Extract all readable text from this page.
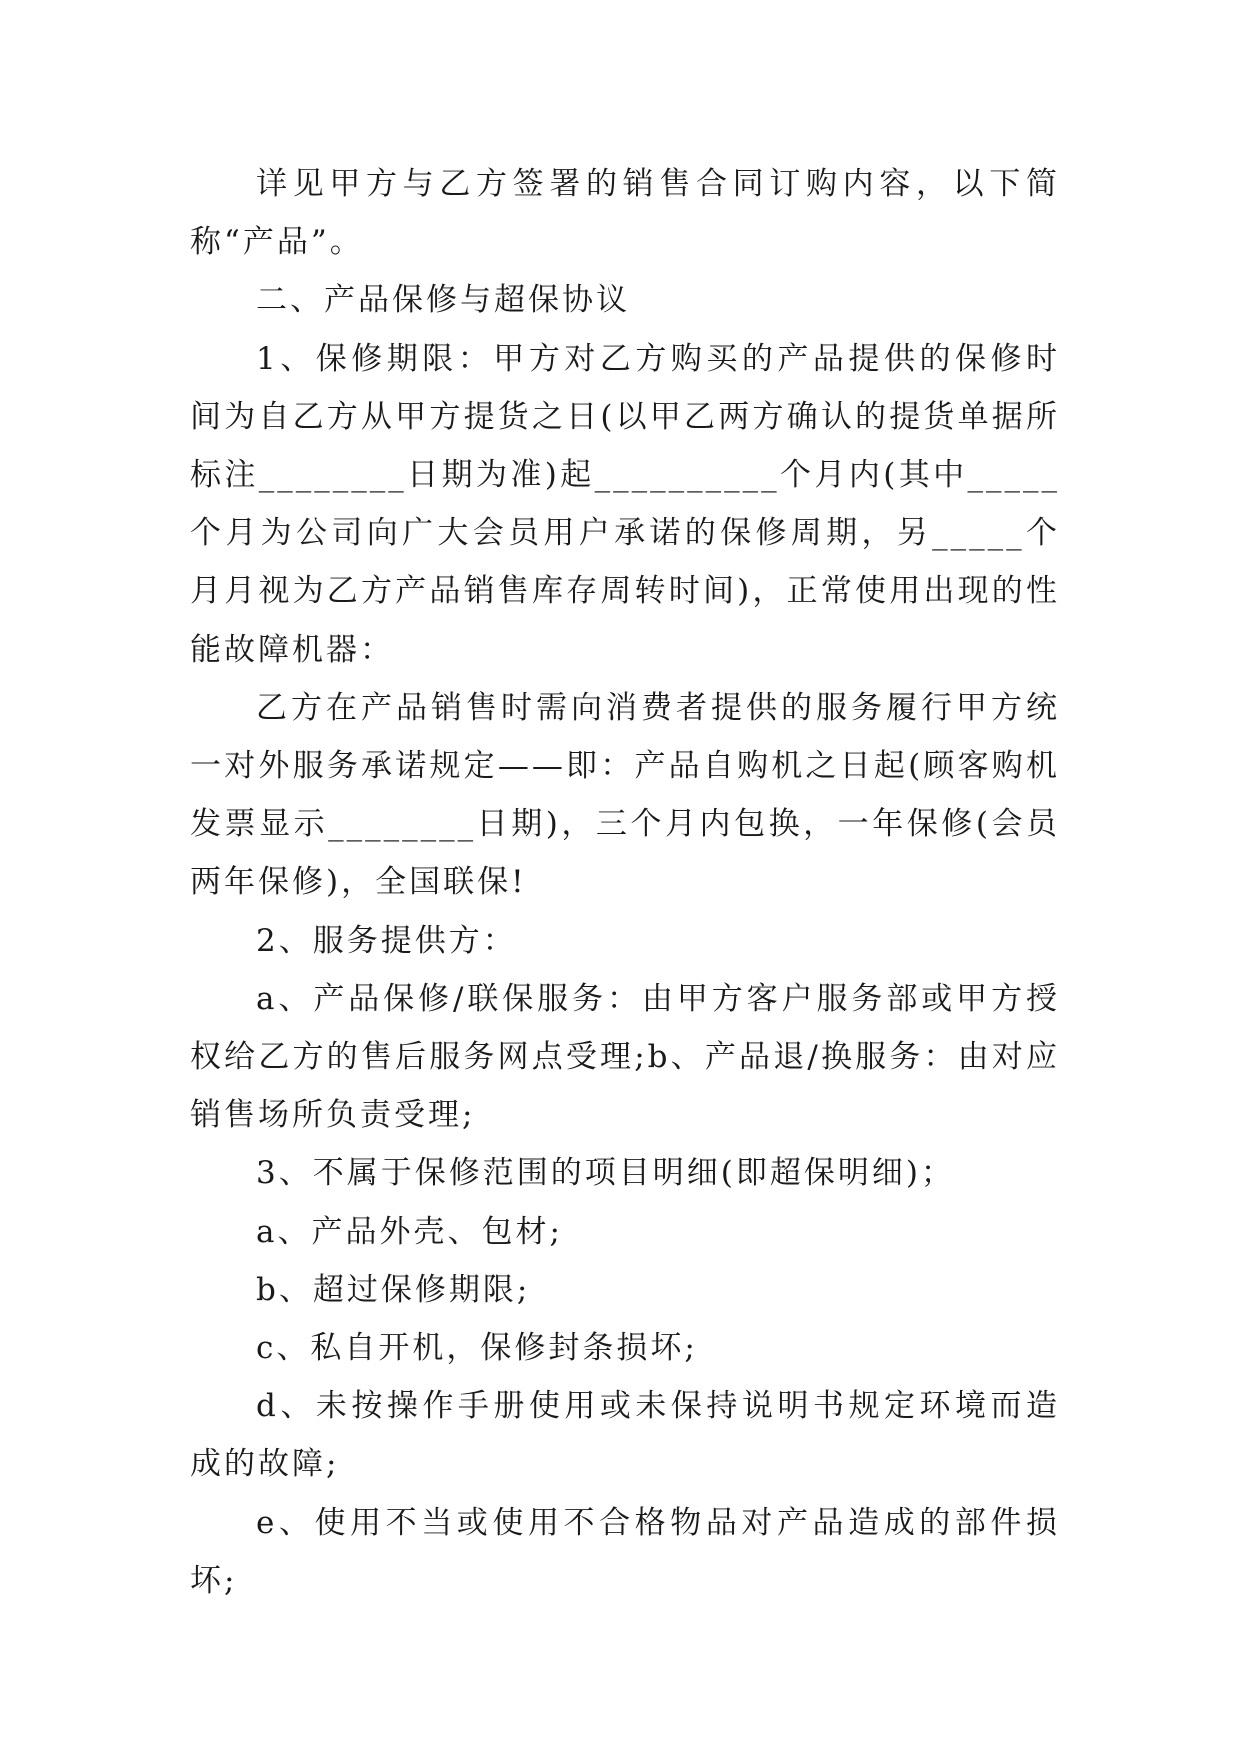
详见甲方与乙方签署的销售合同订购内容，以下简称“产品”。

二、产品保修与超保协议

1、保修期限：甲方对乙方购买的产品提供的保修时间为自乙方从甲方提货之日(以甲乙两方确认的提货单据所标注________日期为准)起__________个月内(其中_____个月为公司向广大会员用户承诺的保修周期，另_____个月月视为乙方产品销售库存周转时间)，正常使用出现的性能故障机器：

乙方在产品销售时需向消费者提供的服务履行甲方统一对外服务承诺规定——即：产品自购机之日起(顾客购机发票显示________日期)，三个月内包换，一年保修(会员两年保修)，全国联保!

2、服务提供方：

a、产品保修/联保服务：由甲方客户服务部或甲方授权给乙方的售后服务网点受理;b、产品退/换服务：由对应销售场所负责受理;

3、不属于保修范围的项目明细(即超保明细)；

a、产品外壳、包材;

b、超过保修期限;

c、私自开机，保修封条损坏;

d、未按操作手册使用或未保持说明书规定环境而造成的故障;

e、使用不当或使用不合格物品对产品造成的部件损坏;
